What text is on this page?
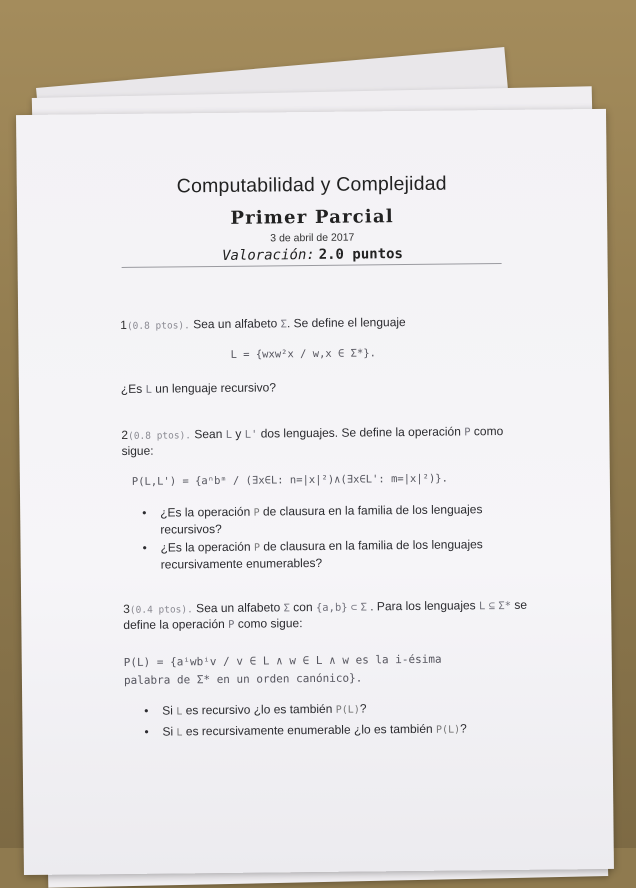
Computabilidad y Complejidad
Primer Parcial
3 de abril de 2017
Valoración: 2.0 puntos
1(0.8 ptos). Sea un alfabeto Σ. Se define el lenguaje
L = {wxw²x / w,x ∈ Σ*}.
¿Es L un lenguaje recursivo?
2(0.8 ptos). Sean L y L' dos lenguajes. Se define la operación P como sigue:
P(L,L') = {aⁿbᵐ / (∃x∈L: n=|x|²)∧(∃x∈L': m=|x|²)}.
• ¿Es la operación P de clausura en la familia de los lenguajes recursivos?
• ¿Es la operación P de clausura en la familia de los lenguajes recursivamente enumerables?
3(0.4 ptos). Sea un alfabeto Σ con {a,b} ⊂ Σ . Para los lenguajes L ⊆ Σ* se define la operación P como sigue:
P(L) = {aⁱwbⁱv / v ∈ L ∧ w ∈ L ∧ w es la i-ésima
palabra de Σ* en un orden canónico}.
• Si L es recursivo ¿lo es también P(L)?
• Si L es recursivamente enumerable ¿lo es también P(L)?
